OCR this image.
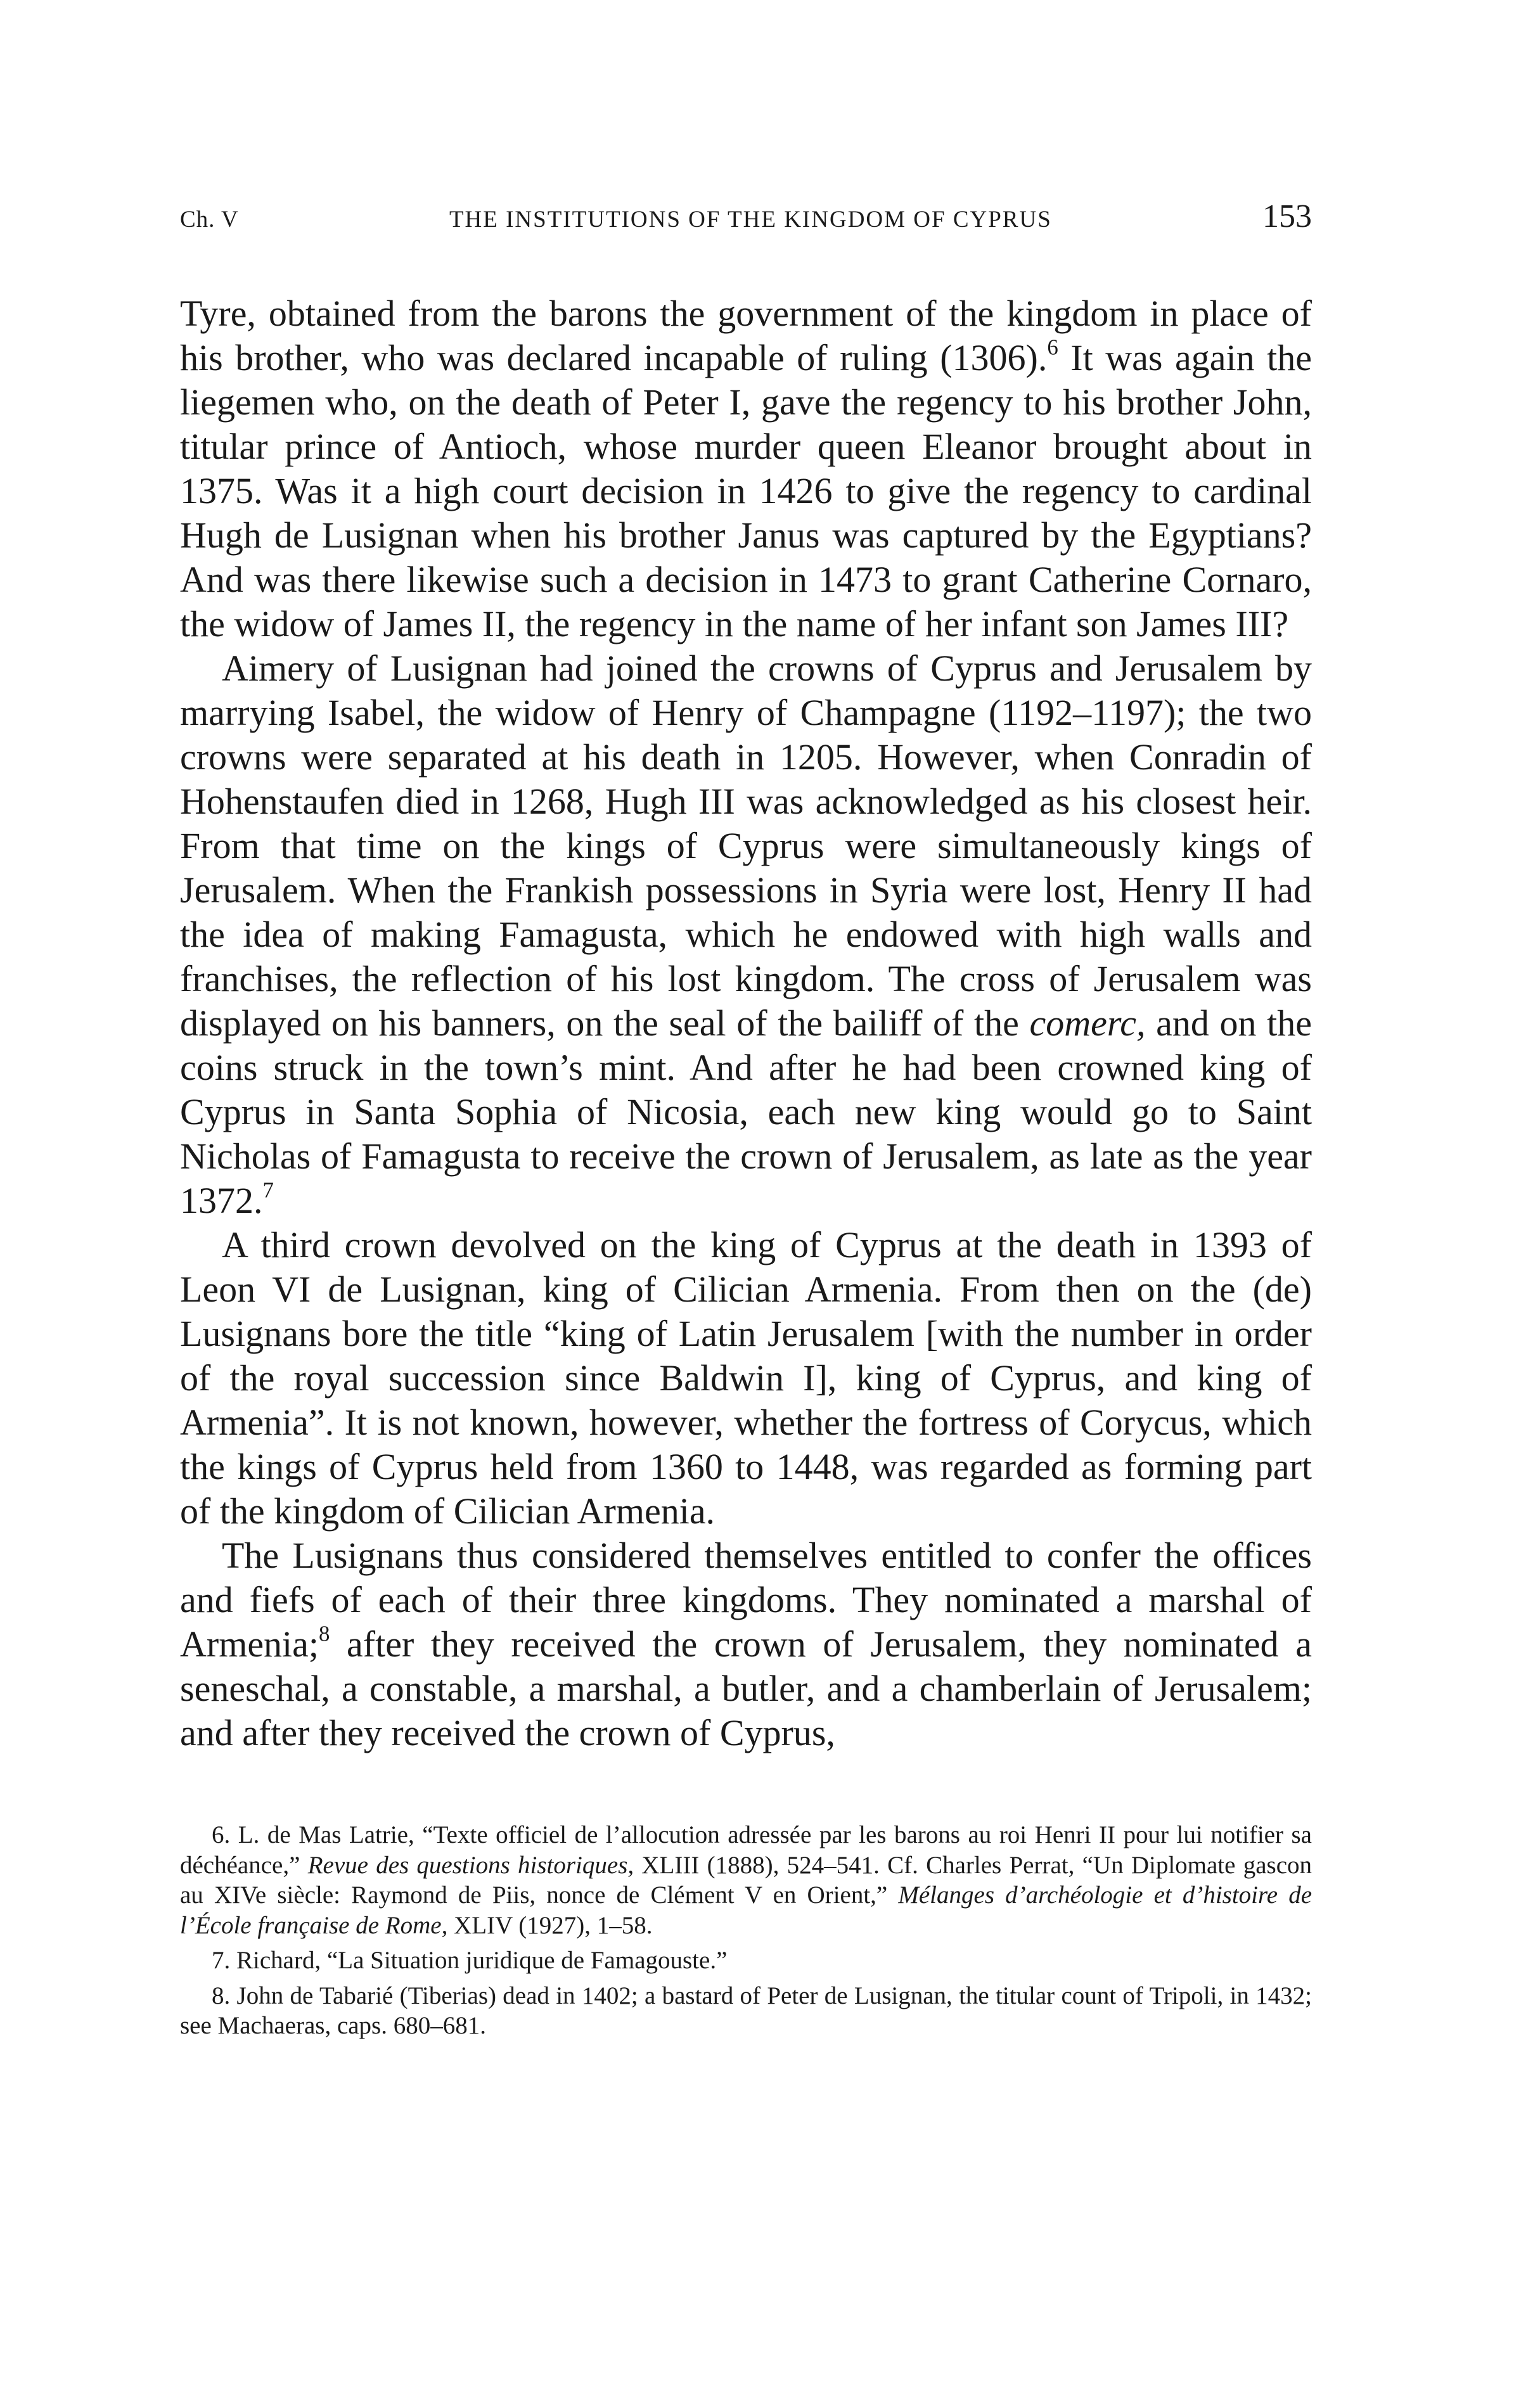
Ch. V	THE INSTITUTIONS OF THE KINGDOM OF CYPRUS	153

Tyre, obtained from the barons the government of the kingdom in place of his brother, who was declared incapable of ruling (1306).$^6$ It was again the liegemen who, on the death of Peter I, gave the regency to his brother John, titular prince of Antioch, whose murder queen Eleanor brought about in 1375. Was it a high court decision in 1426 to give the regency to cardinal Hugh de Lusignan when his brother Janus was captured by the Egyptians? And was there likewise such a decision in 1473 to grant Catherine Cornaro, the widow of James II, the regency in the name of her infant son James III?

Aimery of Lusignan had joined the crowns of Cyprus and Jerusalem by marrying Isabel, the widow of Henry of Champagne (1192–1197); the two crowns were separated at his death in 1205. However, when Conradin of Hohenstaufen died in 1268, Hugh III was acknowledged as his closest heir. From that time on the kings of Cyprus were simultaneously kings of Jerusalem. When the Frankish possessions in Syria were lost, Henry II had the idea of making Famagusta, which he endowed with high walls and franchises, the reflection of his lost kingdom. The cross of Jerusalem was displayed on his banners, on the seal of the bailiff of the comerc, and on the coins struck in the town’s mint. And after he had been crowned king of Cyprus in Santa Sophia of Nicosia, each new king would go to Saint Nicholas of Famagusta to receive the crown of Jerusalem, as late as the year 1372.$^7$

A third crown devolved on the king of Cyprus at the death in 1393 of Leon VI de Lusignan, king of Cilician Armenia. From then on the (de) Lusignans bore the title “king of Latin Jerusalem [with the number in order of the royal succession since Baldwin I], king of Cyprus, and king of Armenia”. It is not known, however, whether the fortress of Corycus, which the kings of Cyprus held from 1360 to 1448, was regarded as forming part of the kingdom of Cilician Armenia.

The Lusignans thus considered themselves entitled to confer the offices and fiefs of each of their three kingdoms. They nominated a marshal of Armenia;$^8$ after they received the crown of Jerusalem, they nominated a seneschal, a constable, a marshal, a butler, and a chamberlain of Jerusalem; and after they received the crown of Cyprus,

6. L. de Mas Latrie, “Texte officiel de l’allocution adressée par les barons au roi Henri II pour lui notifier sa déchéance,” Revue des questions historiques, XLIII (1888), 524–541. Cf. Charles Perrat, “Un Diplomate gascon au XIVe siècle: Raymond de Piis, nonce de Clément V en Orient,” Mélanges d’archéologie et d’histoire de l’École française de Rome, XLIV (1927), 1–58.

7. Richard, “La Situation juridique de Famagouste.”

8. John de Tabarié (Tiberias) dead in 1402; a bastard of Peter de Lusignan, the titular count of Tripoli, in 1432; see Machaeras, caps. 680–681.
